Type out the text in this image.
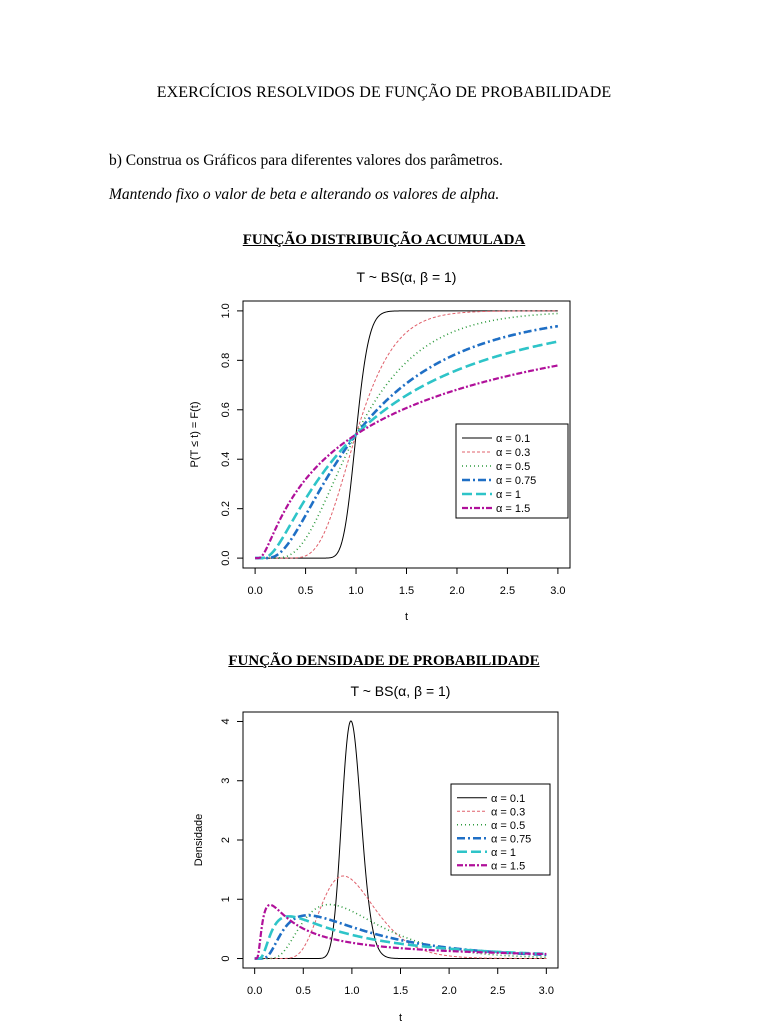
EXERCÍCIOS RESOLVIDOS DE FUNÇÃO DE PROBABILIDADE
b) Construa os Gráficos para diferentes valores dos parâmetros.
Mantendo fixo o valor de beta e alterando os valores de alpha.
FUNÇÃO DISTRIBUIÇÃO ACUMULADA
T ~ BS(α, β = 1)
0.0	0.5	1.0	1.5	2.0	2.5	3.0
0.0
0.2
0.4
0.6
0.8
1.0
t
P(T ≤ t) = F(t)	α = 0.1
α = 0.3
α = 0.5
α = 0.75
α = 1
α = 1.5
FUNÇÃO DENSIDADE DE PROBABILIDADE
T ~ BS(α, β = 1)
0.0	0.5	1.0	1.5	2.0	2.5	3.0
0
1
2
3
4
t
Densidade
α = 0.1
α = 0.3
α = 0.5
α = 0.75
α = 1
α = 1.5
